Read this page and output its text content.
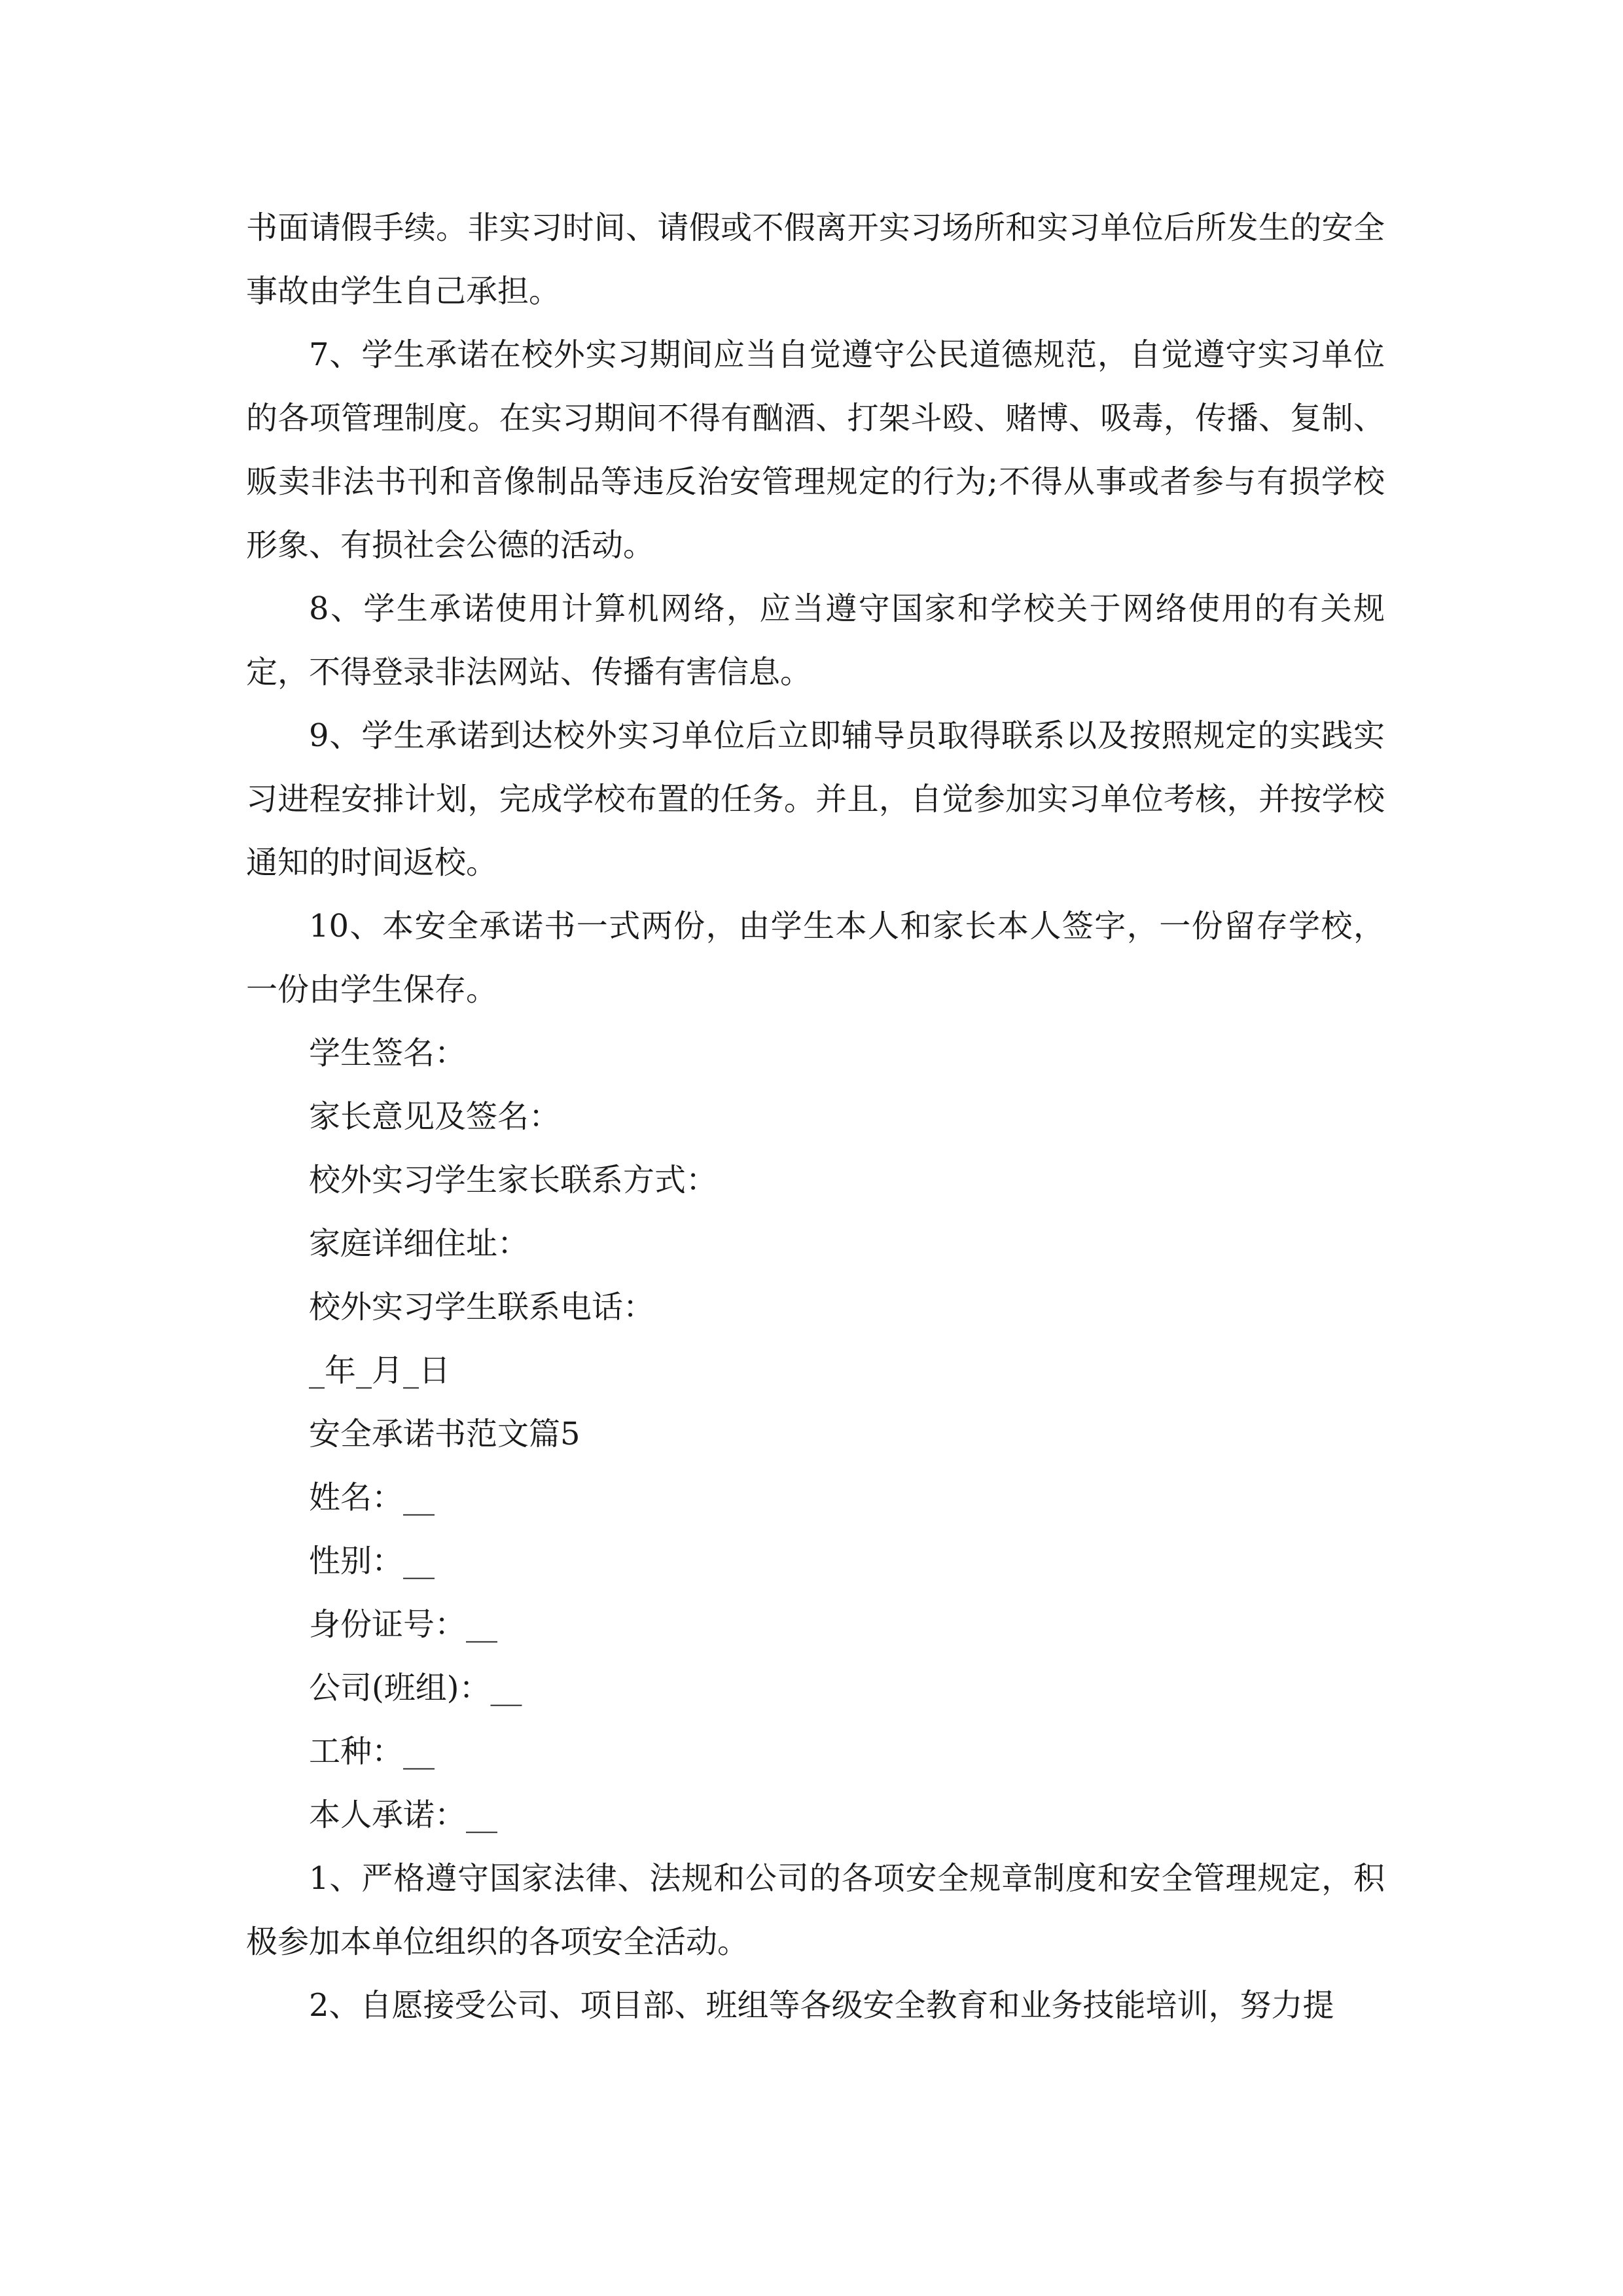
书面请假手续。非实习时间、请假或不假离开实习场所和实习单位后所发生的安全事故由学生自己承担。

7、学生承诺在校外实习期间应当自觉遵守公民道德规范，自觉遵守实习单位的各项管理制度。在实习期间不得有酗酒、打架斗殴、赌博、吸毒，传播、复制、贩卖非法书刊和音像制品等违反治安管理规定的行为;不得从事或者参与有损学校形象、有损社会公德的活动。

8、学生承诺使用计算机网络，应当遵守国家和学校关于网络使用的有关规定，不得登录非法网站、传播有害信息。

9、学生承诺到达校外实习单位后立即辅导员取得联系以及按照规定的实践实习进程安排计划，完成学校布置的任务。并且，自觉参加实习单位考核，并按学校通知的时间返校。

10、本安全承诺书一式两份，由学生本人和家长本人签字，一份留存学校，一份由学生保存。

学生签名：

家长意见及签名：

校外实习学生家长联系方式：

家庭详细住址：

校外实习学生联系电话：

_年_月_日

安全承诺书范文篇5

姓名：__

性别：__

身份证号：__

公司(班组)：__

工种：__

本人承诺：__

1、严格遵守国家法律、法规和公司的各项安全规章制度和安全管理规定，积极参加本单位组织的各项安全活动。

2、自愿接受公司、项目部、班组等各级安全教育和业务技能培训，努力提
